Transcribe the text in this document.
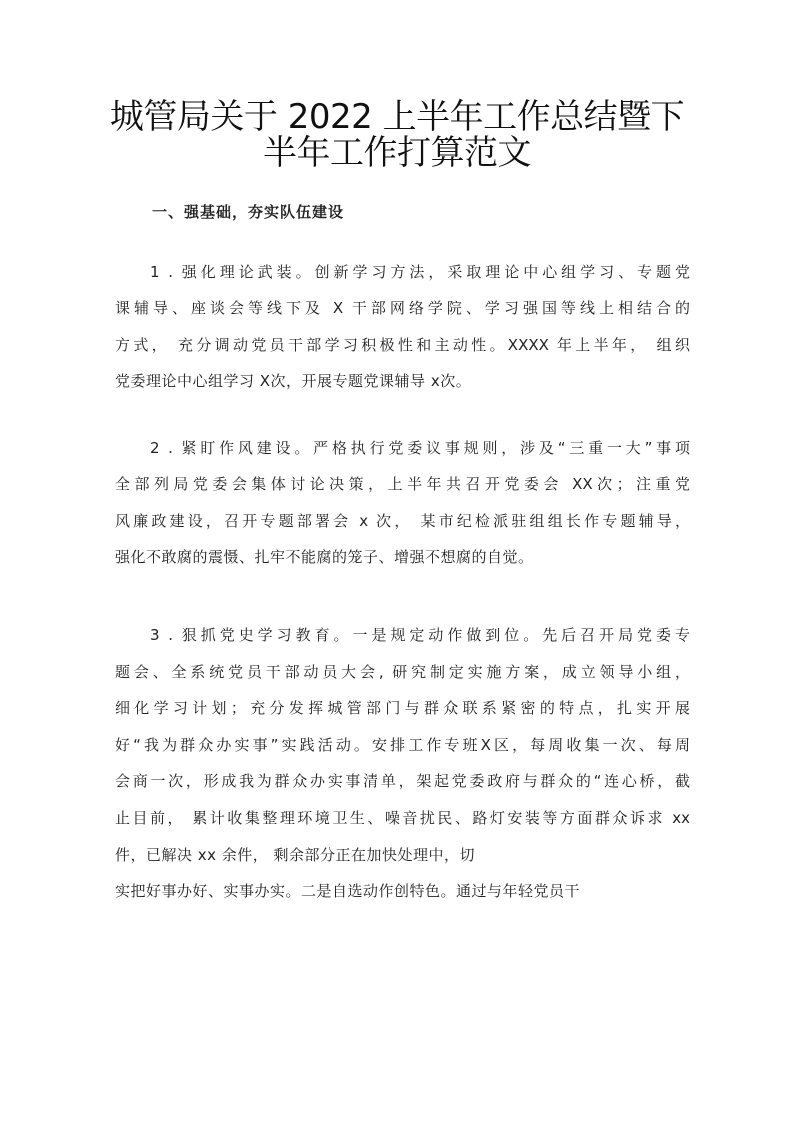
城管局关于 2022 上半年工作总结暨下
半年工作打算范文
一、强基础，夯实队伍建设
1 . 强化理论武装。创新学习方法，采取理论中心组学习、专题党
课辅导、座谈会等线下及 X 干部网络学院、学习强国等线上相结合的
方式， 充分调动党员干部学习积极性和主动性。XXXX 年上半年， 组织
党委理论中心组学习 X次，开展专题党课辅导 x次。
2 . 紧盯作风建设。严格执行党委议事规则，涉及“三重一大”事项
全部列局党委会集体讨论决策，上半年共召开党委会 XX次；注重党
风廉政建设，召开专题部署会 x 次， 某市纪检派驻组组长作专题辅导，
强化不敢腐的震慑、扎牢不能腐的笼子、增强不想腐的自觉。
3 . 狠抓党史学习教育。一是规定动作做到位。先后召开局党委专
题会、全系统党员干部动员大会, 研究制定实施方案，成立领导小组，
细化学习计划；充分发挥城管部门与群众联系紧密的特点，扎实开展
好“我为群众办实事”实践活动。安排工作专班X区，每周收集一次、每周
会商一次，形成我为群众办实事清单，架起党委政府与群众的“连心桥，截
止目前， 累计收集整理环境卫生、噪音扰民、路灯安装等方面群众诉求 xx
件，已解决 xx 余件， 剩余部分正在加快处理中，切
实把好事办好、实事办实。二是自选动作创特色。通过与年轻党员干
